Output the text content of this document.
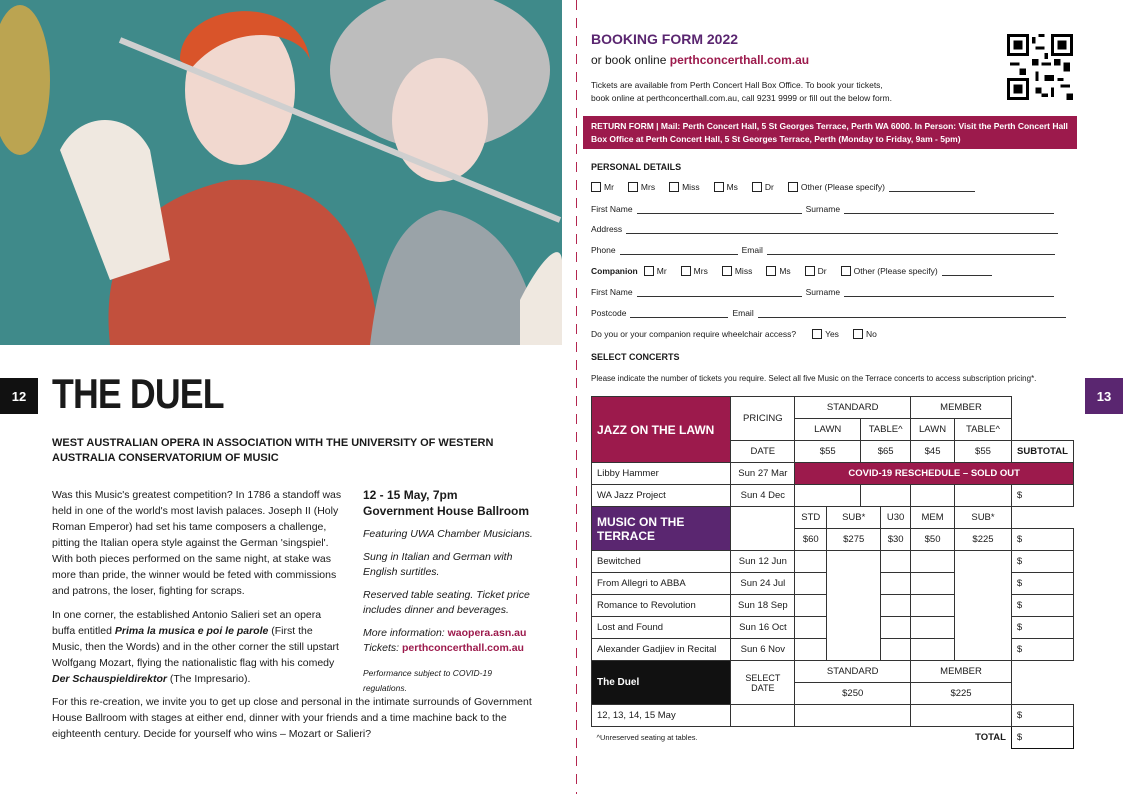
12 THE DUEL
WEST AUSTRALIAN OPERA IN ASSOCIATION WITH THE UNIVERSITY OF WESTERN AUSTRALIA CONSERVATORIUM OF MUSIC

Was this Music's greatest competition? In 1786 a standoff was held in one of the world's most lavish palaces. Joseph II (Holy Roman Emperor) had set his tame composers a challenge, pitting the Italian opera style against the German 'singspiel'. With both pieces performed on the same night, at stake was more than pride, the winner would be feted with commissions and patrons, the loser, fighting for scraps.

In one corner, the established Antonio Salieri set an opera buffa entitled Prima la musica e poi le parole (First the Music, then the Words) and in the other corner the still upstart Wolfgang Mozart, flying the nationalistic flag with his comedy Der Schauspieldirektor (The Impresario).

For this re-creation, we invite you to get up close and personal in the intimate surrounds of Government House Ballroom with stages at either end, dinner with your friends and a time machine back to the eighteenth century. Decide for yourself who wins – Mozart or Salieri?
12 - 15 May, 7pm
Government House Ballroom
Featuring UWA Chamber Musicians.
Sung in Italian and German with English surtitles.
Reserved table seating. Ticket price includes dinner and beverages.
More information: waopera.asn.au
Tickets: perthconcerthall.com.au
Performance subject to COVID-19 regulations.
BOOKING FORM 2022
or book online perthconcerthall.com.au
Tickets are available from Perth Concert Hall Box Office. To book your tickets,
book online at perthconcerthall.com.au, call 9231 9999 or fill out the below form.
RETURN FORM | Mail: Perth Concert Hall, 5 St Georges Terrace, Perth WA 6000. In Person: Visit the Perth Concert Hall Box Office at Perth Concert Hall, 5 St Georges Terrace, Perth (Monday to Friday, 9am - 5pm)
PERSONAL DETAILS
Mr	Mrs	Miss	Ms	Dr	Other (Please specify)
First Name	Surname
Address
Phone	Email
Companion Mr	Mrs	Miss	Ms	Dr	Other (Please specify)
First Name	Surname
Postcode	Email
Do you or your companion require wheelchair access?	Yes	No
SELECT CONCERTS
Please indicate the number of tickets you require. Select all five Music on the Terrace concerts to access subscription pricing*.
13
JAZZ ON THE LAWN	PRICING	STANDARD				MEMBER		
		LAWN		TABLE^		LAWN	TABLE^	
	DATE	$55		$65		$45	$55	SUBTOTAL
Libby Hammer	Sun 27 Mar	COVID-19 RESCHEDULE – SOLD OUT						
WA Jazz Project	Sun 4 Dec							$
MUSIC ON THE TERRACE		STD	SUB*		U30	MEM	SUB*	
		$60	$275		$30	$50	$225	$
Bewitched	Sun 12 Jun							$
From Allegri to ABBA	Sun 24 Jul							$
Romance to Revolution	Sun 18 Sep							$
Lost and Found	Sun 16 Oct							$
Alexander Gadjiev in Recital	Sun 6 Nov							$
The Duel	SELECT DATE	STANDARD				MEMBER		
		$250				$225		
12, 13, 14, 15 May								$
^Unreserved seating at tables.			TOTAL					$
